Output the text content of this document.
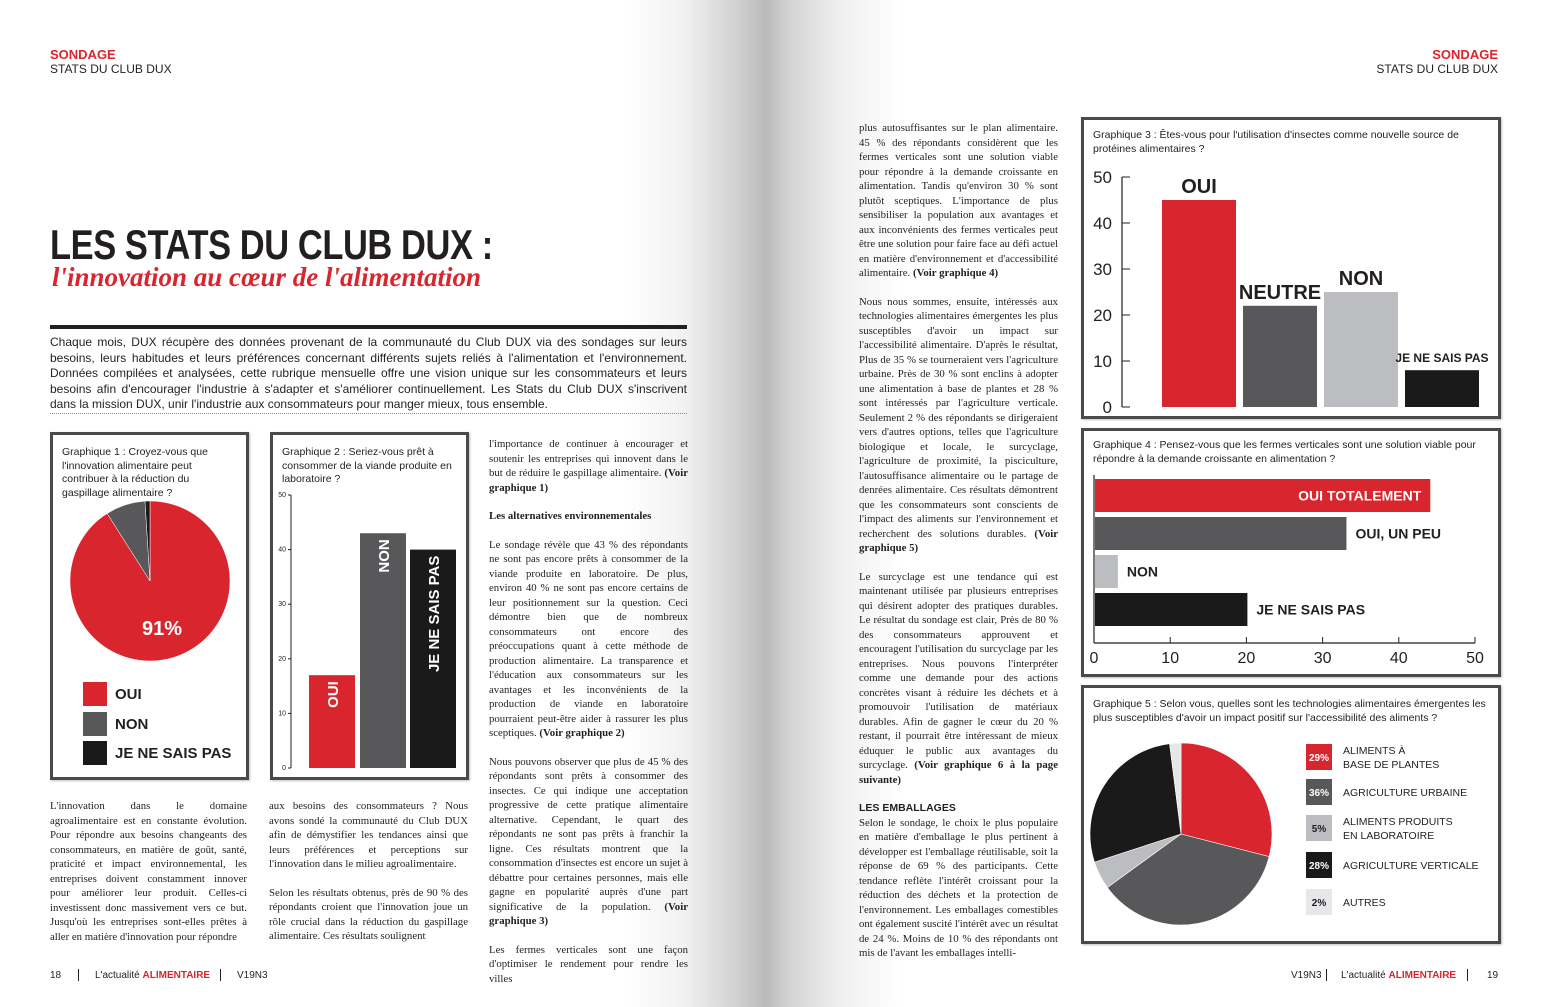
SONDAGE
STATS DU CLUB DUX
SONDAGE
STATS DU CLUB DUX
LES STATS DU CLUB DUX :
l'innovation au cœur de l'alimentation
Chaque mois, DUX récupère des données provenant de la communauté du Club DUX via des sondages sur leurs besoins, leurs habitudes et leurs préférences concernant différents sujets reliés à l'alimentation et l'environnement. Données compilées et analysées, cette rubrique mensuelle offre une vision unique sur les consommateurs et leurs besoins afin d'encourager l'industrie à s'adapter et s'améliorer continuellement. Les Stats du Club DUX s'inscrivent dans la mission DUX, unir l'industrie aux consommateurs pour manger mieux, tous ensemble.
Graphique 1 : Croyez-vous que l'innovation alimentaire peut contribuer à la réduction du gaspillage alimentaire ?
91%
OUI
NON
JE NE SAIS PAS
Graphique 2 : Seriez-vous prêt à consommer de la viande produite en laboratoire ?
0
10
20
30
40
50
OUI
NON JE NE SAIS PAS

L'innovation dans le domaine agroalimentaire est en constante évolution. Pour répondre aux besoins changeants des consommateurs, en matière de goût, santé, praticité et impact environnemental, les entreprises doivent constamment innover pour améliorer leur produit. Celles-ci investissent donc massivement vers ce but. Jusqu'où les entreprises sont-elles prêtes à aller en matière d'innovation pour répondre

aux besoins des consommateurs ? Nous avons sondé la communauté du Club DUX afin de démystifier les tendances ainsi que leurs préférences et perceptions sur l'innovation dans le milieu agroalimentaire.

Selon les résultats obtenus, près de 90 % des répondants croient que l'innovation joue un rôle crucial dans la réduction du gaspillage alimentaire. Ces résultats soulignent

l'importance de continuer à encourager et soutenir les entreprises qui innovent dans le but de réduire le gaspillage alimentaire. (Voir graphique 1)

Les alternatives environnementales

Le sondage révèle que 43 % des répondants ne sont pas encore prêts à consommer de la viande produite en laboratoire. De plus, environ 40 % ne sont pas encore certains de leur positionnement sur la question. Ceci démontre bien que de nombreux consommateurs ont encore des préoccupations quant à cette méthode de production alimentaire. La transparence et l'éducation aux consommateurs sur les avantages et les inconvénients de la production de viande en laboratoire pourraient peut-être aider à rassurer les plus sceptiques. (Voir graphique 2)

Nous pouvons observer que plus de 45 % des répondants sont prêts à consommer des insectes. Ce qui indique une acceptation progressive de cette pratique alimentaire alternative. Cependant, le quart des répondants ne sont pas prêts à franchir la ligne. Ces résultats montrent que la consommation d'insectes est encore un sujet à débattre pour certaines personnes, mais elle gagne en popularité auprès d'une part significative de la population. (Voir graphique 3)

Les fermes verticales sont une façon d'optimiser le rendement pour rendre les villes

plus autosuffisantes sur le plan alimentaire. 45 % des répondants considèrent que les fermes verticales sont une solution viable pour répondre à la demande croissante en alimentation. Tandis qu'environ 30 % sont plutôt sceptiques. L'importance de plus sensibiliser la population aux avantages et aux inconvénients des fermes verticales peut être une solution pour faire face au défi actuel en matière d'environnement et d'accessibilité alimentaire. (Voir graphique 4)

Nous nous sommes, ensuite, intéressés aux technologies alimentaires émergentes les plus susceptibles d'avoir un impact sur l'accessibilité alimentaire. D'après le résultat, Plus de 35 % se tourneraient vers l'agriculture urbaine. Près de 30 % sont enclins à adopter une alimentation à base de plantes et 28 % sont intéressés par l'agriculture verticale. Seulement 2 % des répondants se dirigeraient vers d'autres options, telles que l'agriculture biologique et locale, le surcyclage, l'agriculture de proximité, la pisciculture, l'autosuffisance alimentaire ou le partage de denrées alimentaire. Ces résultats démontrent que les consommateurs sont conscients de l'impact des aliments sur l'environnement et recherchent des solutions durables. (Voir graphique 5)

Le surcyclage est une tendance qui est maintenant utilisée par plusieurs entreprises qui désirent adopter des pratiques durables. Le résultat du sondage est clair, Près de 80 % des consommateurs approuvent et encouragent l'utilisation du surcyclage par les entreprises. Nous pouvons l'interpréter comme une demande pour des actions concrètes visant à réduire les déchets et à promouvoir l'utilisation de matériaux durables. Afin de gagner le cœur du 20 % restant, il pourrait être intéressant de mieux éduquer le public aux avantages du surcyclage. (Voir graphique 6 à la page suivante)

LES EMBALLAGES

Selon le sondage, le choix le plus populaire en matière d'emballage le plus pertinent à développer est l'emballage réutilisable, soit la réponse de 69 % des participants. Cette tendance reflète l'intérêt croissant pour la réduction des déchets et la protection de l'environnement. Les emballages comestibles ont également suscité l'intérêt avec un résultat de 24 %. Moins de 10 % des répondants ont mis de l'avant les emballages intelli-

Graphique 3 : Êtes-vous pour l'utilisation d'insectes comme nouvelle source de protéines alimentaires ?
0
10
20
30
40
50	OUI
NEUTRE
NON
JE NE SAIS PAS
Graphique 4 : Pensez-vous que les fermes verticales sont une solution viable pour répondre à la demande croissante en alimentation ?
0	10	20	30	40	50
OUI TOTALEMENT
OUI, UN PEU
NON
JE NE SAIS PAS
Graphique 5 : Selon vous, quelles sont les technologies alimentaires émergentes les plus susceptibles d'avoir un impact positif sur l'accessibilité des aliments ?
29%
ALIMENTS À
BASE DE PLANTES
36% AGRICULTURE URBAINE
5%
ALIMENTS PRODUITS
EN LABORATOIRE
28% AGRICULTURE VERTICALE
2% AUTRES
18	L'actualité ALIMENTAIRE	V19N3	V19N3 L'actualité ALIMENTAIRE	19
